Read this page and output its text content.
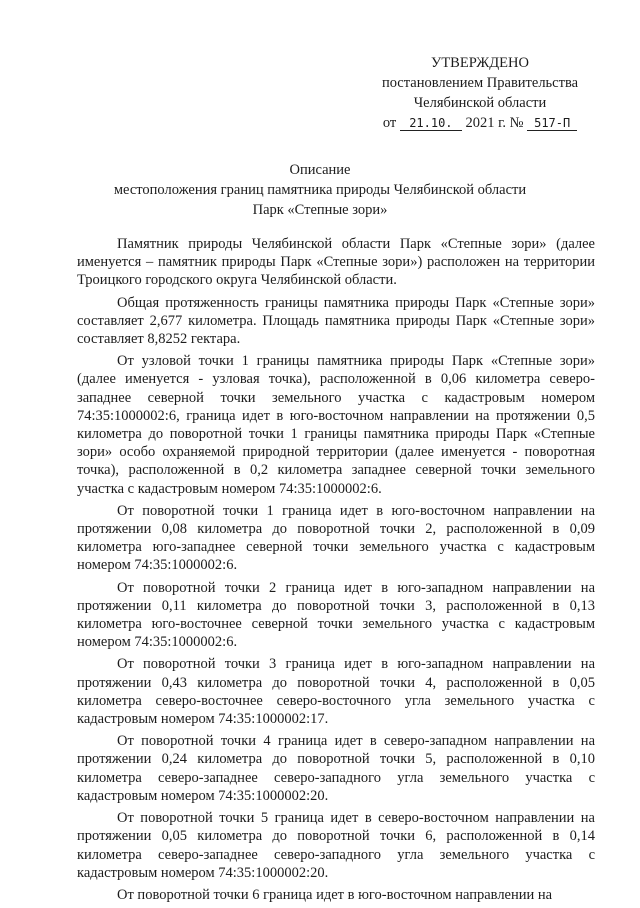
УТВЕРЖДЕНО
постановлением Правительства
Челябинской области
от 21.10. 2021 г. № 517-П
Описание
местоположения границ памятника природы Челябинской области
Парк «Степные зори»

Памятник природы Челябинской области Парк «Степные зори» (далее именуется – памятник природы Парк «Степные зори») расположен на территории Троицкого городского округа Челябинской области.

Общая протяженность границы памятника природы Парк «Степные зори» составляет 2,677 километра. Площадь памятника природы Парк «Степные зори» составляет 8,8252 гектара.

От узловой точки 1 границы памятника природы Парк «Степные зори» (далее именуется - узловая точка), расположенной в 0,06 километра северо-западнее северной точки земельного участка с кадастровым номером 74:35:1000002:6, граница идет в юго-восточном направлении на протяжении 0,5 километра до поворотной точки 1 границы памятника природы Парк «Степные зори» особо охраняемой природной территории (далее именуется - поворотная точка), расположенной в 0,2 километра западнее северной точки земельного участка с кадастровым номером 74:35:1000002:6.

От поворотной точки 1 граница идет в юго-восточном направлении на протяжении 0,08 километра до поворотной точки 2, расположенной в 0,09 километра юго-западнее северной точки земельного участка с кадастровым номером 74:35:1000002:6.

От поворотной точки 2 граница идет в юго-западном направлении на протяжении 0,11 километра до поворотной точки 3, расположенной в 0,13 километра юго-восточнее северной точки земельного участка с кадастровым номером 74:35:1000002:6.

От поворотной точки 3 граница идет в юго-западном направлении на протяжении 0,43 километра до поворотной точки 4, расположенной в 0,05 километра северо-восточнее северо-восточного угла земельного участка с кадастровым номером 74:35:1000002:17.

От поворотной точки 4 граница идет в северо-западном направлении на протяжении 0,24 километра до поворотной точки 5, расположенной в 0,10 километра северо-западнее северо-западного угла земельного участка с кадастровым номером 74:35:1000002:20.

От поворотной точки 5 граница идет в северо-восточном направлении на протяжении 0,05 километра до поворотной точки 6, расположенной в 0,14 километра северо-западнее северо-западного угла земельного участка с кадастровым номером 74:35:1000002:20.

От поворотной точки 6 граница идет в юго-восточном направлении на
